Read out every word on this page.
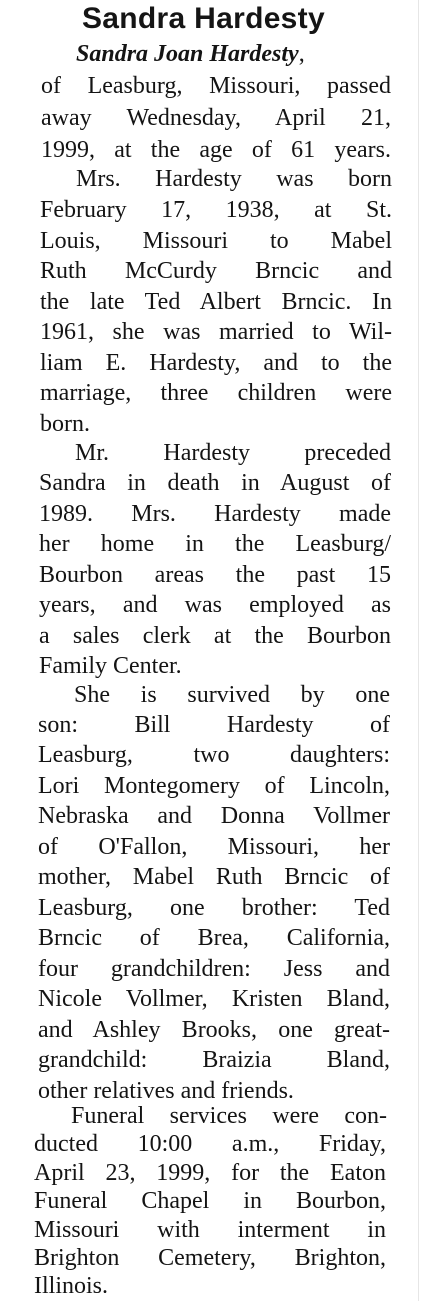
Sandra Hardesty
Sandra Joan Hardesty,
of Leasburg, Missouri, passed
away Wednesday, April 21,
1999, at the age of 61 years.
Mrs. Hardesty was born
February 17, 1938, at St.
Louis, Missouri to Mabel
Ruth McCurdy Brncic and
the late Ted Albert Brncic. In
1961, she was married to Wil-
liam E. Hardesty, and to the
marriage, three children were
born.
Mr. Hardesty preceded
Sandra in death in August of
1989. Mrs. Hardesty made
her home in the Leasburg/
Bourbon areas the past 15
years, and was employed as
a sales clerk at the Bourbon
Family Center.
She is survived by one
son: Bill Hardesty of
Leasburg, two daughters:
Lori Montegomery of Lincoln,
Nebraska and Donna Vollmer
of O'Fallon, Missouri, her
mother, Mabel Ruth Brncic of
Leasburg, one brother: Ted
Brncic of Brea, California,
four grandchildren: Jess and
Nicole Vollmer, Kristen Bland,
and Ashley Brooks, one great-
grandchild: Braizia Bland,
other relatives and friends.
Funeral services were con-
ducted 10:00 a.m., Friday,
April 23, 1999, for the Eaton
Funeral Chapel in Bourbon,
Missouri with interment in
Brighton Cemetery, Brighton,
Illinois.
